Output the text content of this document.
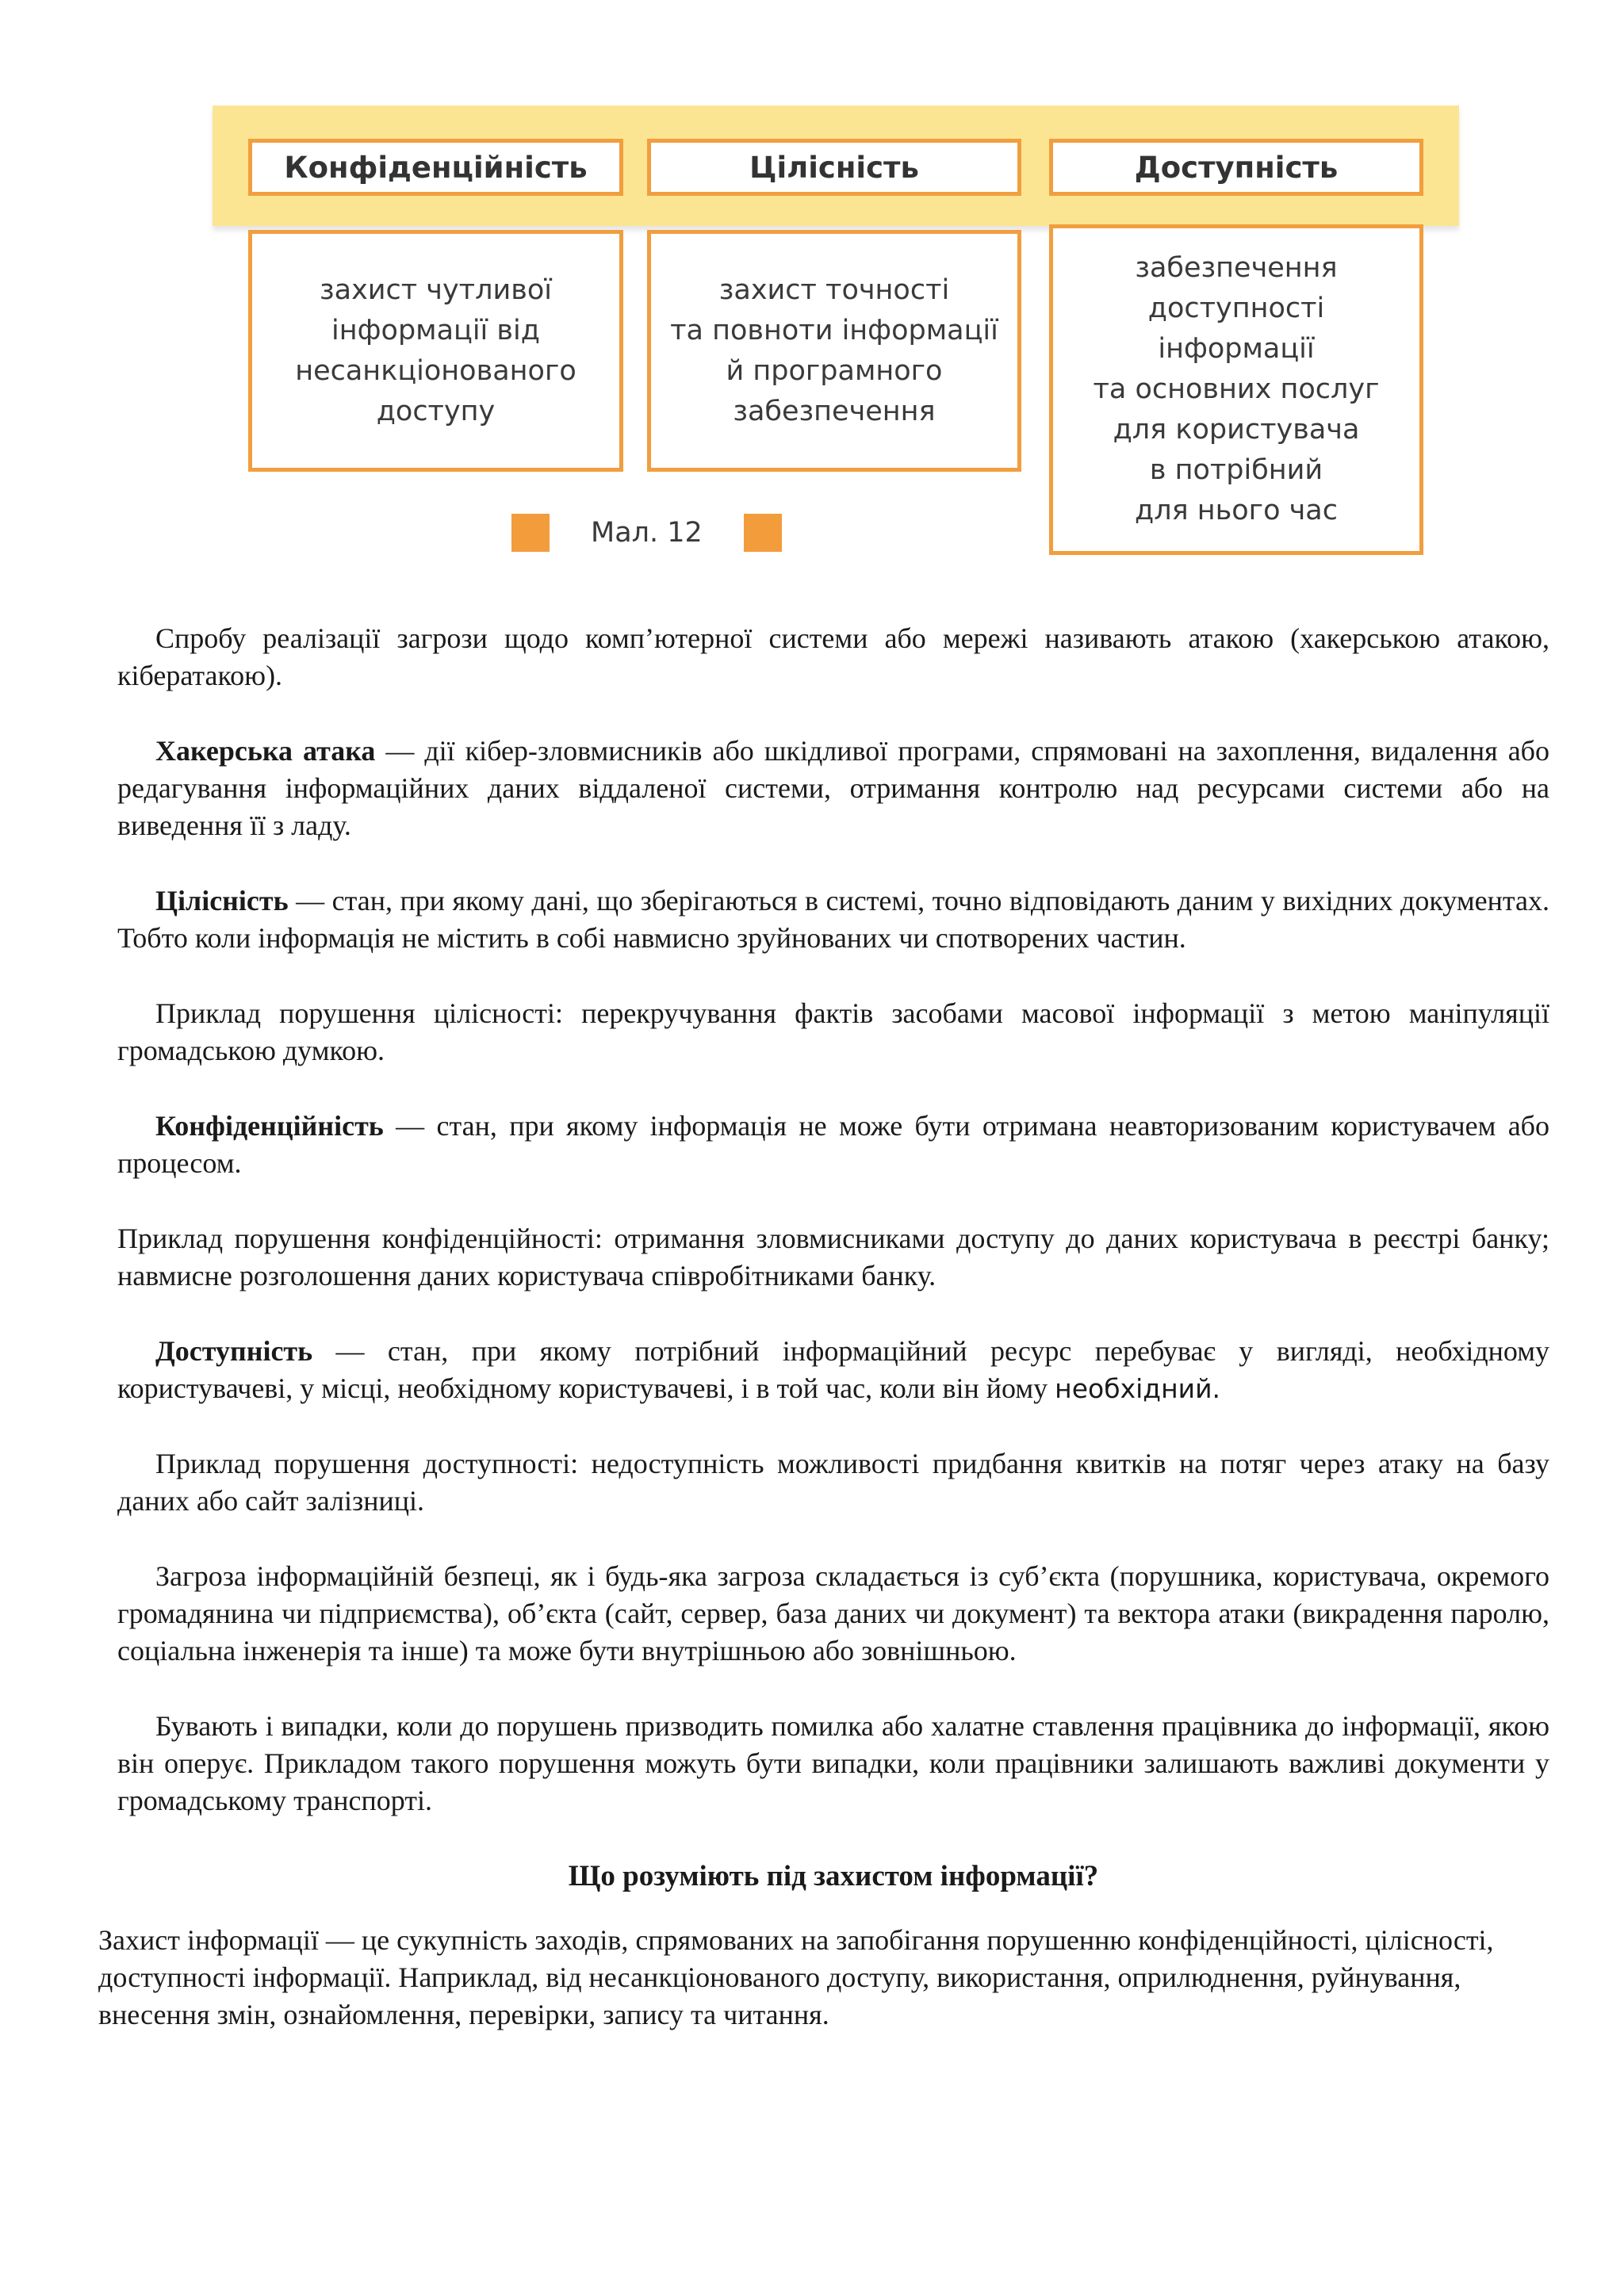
Конфіденційність	Цілісність	Доступність
захист чутливої
інформації від
несанкціонованого
доступу
захист точності
та повноти інформації
й програмного
забезпечення
забезпечення
доступності
інформації
та основних послуг
для користувача
в потрібний
для нього час
Мал. 12

Спробу реалізації загрози щодо комп’ютерної системи або мережі називають атакою (хакерською атакою, кібератакою).

Хакерська атака — дії кібер-зловмисників або шкідливої програми, спрямовані на захоплення, видалення або редагування інформаційних даних віддаленої системи, отримання контролю над ресурсами системи або на виведення її з ладу.

Цілісність — стан, при якому дані, що зберігаються в системі, точно відповідають даним у вихідних документах. Тобто коли інформація не містить в собі навмисно зруйнованих чи спотворених частин.

Приклад порушення цілісності: перекручування фактів засобами масової інформації з метою маніпуляції громадською думкою.

Конфіденційність — стан, при якому інформація не може бути отримана неавторизованим користувачем або процесом.

Приклад порушення конфіденційності: отримання зловмисниками доступу до даних користувача в реєстрі банку; навмисне розголошення даних користувача співробітниками банку.

Доступність — стан, при якому потрібний інформаційний ресурс перебуває у вигляді, необхідному користувачеві, у місці, необхідному користувачеві, і в той час, коли він йому необхідний.

Приклад порушення доступності: недоступність можливості придбання квитків на потяг через атаку на базу даних або сайт залізниці.

Загроза інформаційній безпеці, як і будь-яка загроза складається із суб’єкта (порушника, користувача, окремого громадянина чи підприємства), об’єкта (сайт, сервер, база даних чи документ) та вектора атаки (викрадення паролю, соціальна інженерія та інше) та може бути внутрішньою або зовнішньою.

Бувають і випадки, коли до порушень призводить помилка або халатне ставлення працівника до інформації, якою він оперує. Прикладом такого порушення можуть бути випадки, коли працівники залишають важливі документи у громадському транспорті.

Що розуміють під захистом інформації?

Захист інформації — це сукупність заходів, спрямованих на запобігання порушенню конфіденційності, цілісності, доступності інформації. Наприклад, від несанкціонованого доступу, використання, оприлюднення, руйнування, внесення змін, ознайомлення, перевірки, запису та читання.
